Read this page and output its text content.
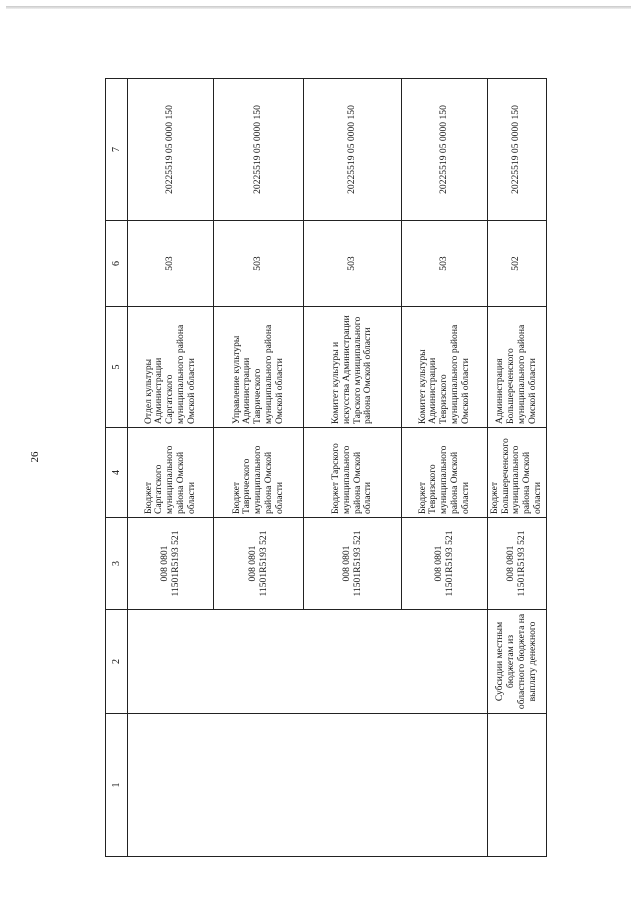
26
1	2	3	4	5	6	7
		008 0801 11501R5193 521	Бюджет Саргатского муниципального района Омской области	Отдел культуры Администрации Саргатского муниципального района Омской области	503	20225519 05 0000 150
		008 0801 11501R5193 521	Бюджет Таврического муниципального района Омской области	Управление культуры Администрации Таврического муниципального района Омской области	503	20225519 05 0000 150
		008 0801 11501R5193 521	Бюджет Тарского муниципального района Омской области	Комитет культуры и искусства Администрации Тарского муниципального района Омской области	503	20225519 05 0000 150
		008 0801 11501R5193 521	Бюджет Тевризского муниципального района Омской области	Комитет культуры Администрации Тевризского муниципального района Омской области	503	20225519 05 0000 150
	Субсидии местным бюджетам из областного бюджета на выплату денежного	008 0801 11501R5193 521	Бюджет Большереченского муниципального района Омской области	Администрация Большереченского муниципального района Омской области	502	20225519 05 0000 150
